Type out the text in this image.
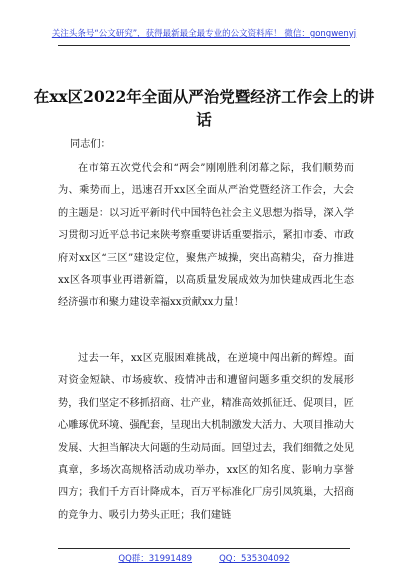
关注头条号“公文研究”，获得最新最全最专业的公文资料库！ 微信：gongwenyj
在xx区2022年全面从严治党暨经济工作会上的讲话
同志们：
在市第五次党代会和“两会”刚刚胜利闭幕之际，我们顺势而为、乘势而上，迅速召开xx区全面从严治党暨经济工作会，大会的主题是：以习近平新时代中国特色社会主义思想为指导，深入学习贯彻习近平总书记来陕考察重要讲话重要指示，紧扣市委、市政府对xx区“三区”建设定位，聚焦产城操，突出高精尖，奋力推进xx区各项事业再谱新篇，以高质量发展成效为加快建成西北生态经济强市和聚力建设幸福xx贡献xx力量！
过去一年，xx区克服困难挑战，在逆境中闯出新的辉煌。面对资金短缺、市场疲软、疫情冲击和遭留问题多重交织的发展形势，我们坚定不移抓招商、壮产业，精准高效抓征迁、促项目，匠心雕琢优环境、强配套，呈现出大机制激发大活力、大项目推动大发展、大担当解决大问题的生动局面。回望过去，我们细微之处见真章，多场次高规格活动成功举办，xx区的知名度、影响力享誉四方；我们千方百计降成本，百万平标准化厂房引凤筑巢，大招商的竞争力、吸引力势头正旺；我们建链
QQ群：31991489	QQ：535304092
